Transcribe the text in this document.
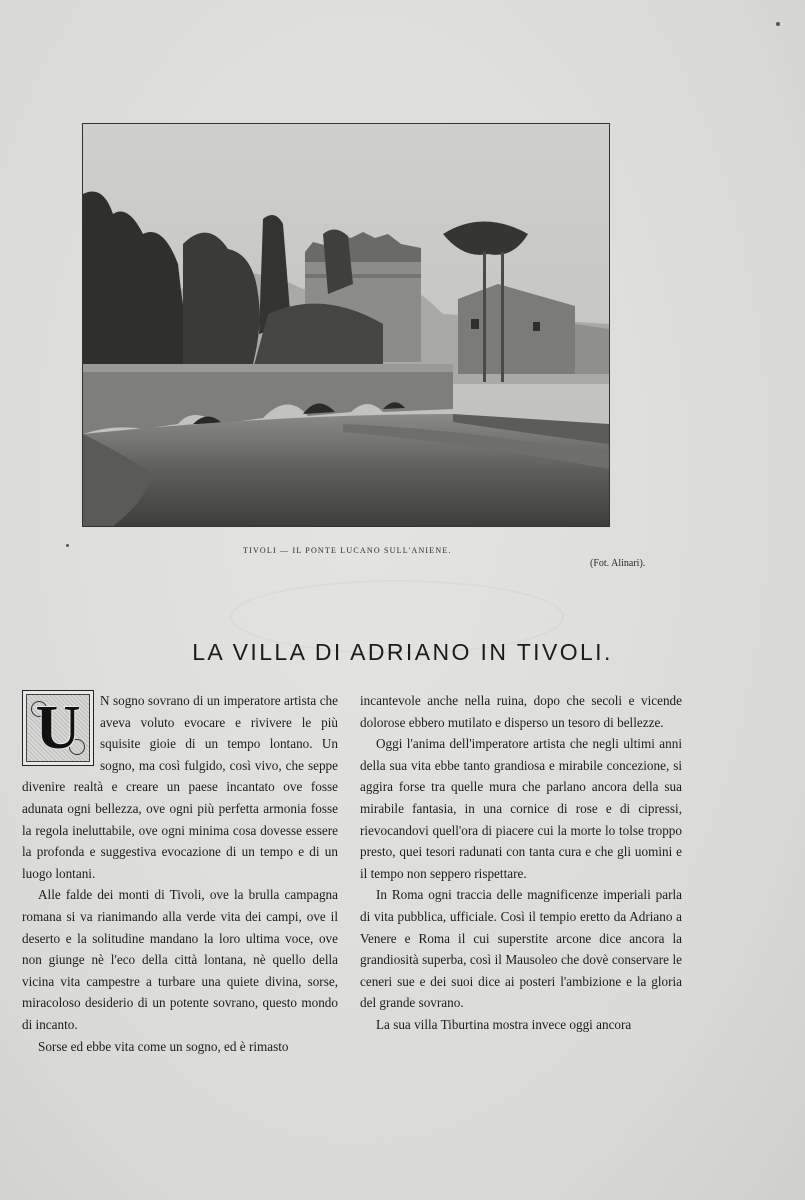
TIVOLI — IL PONTE LUCANO SULL'ANIENE.
(Fot. Alinari).
LA VILLA DI ADRIANO IN TIVOLI.
U	N sogno sovrano di un imperatore artista che aveva voluto evocare e rivivere le più squisite gioie di un tempo lontano. Un sogno, ma così fulgido, così vivo, che seppe divenire realtà e creare un paese incantato ove fosse adunata ogni bellezza, ove ogni più perfetta armonia fosse la regola ineluttabile, ove ogni minima cosa dovesse essere la profonda e suggestiva evocazione di un tempo e di un luogo lontani.

Alle falde dei monti di Tivoli, ove la brulla campagna romana si va rianimando alla verde vita dei campi, ove il deserto e la solitudine mandano la loro ultima voce, ove non giunge nè l'eco della città lontana, nè quello della vicina vita campestre a turbare una quiete divina, sorse, miracoloso desiderio di un potente sovrano, questo mondo di incanto.

Sorse ed ebbe vita come un sogno, ed è rimasto

incantevole anche nella ruina, dopo che secoli e vicende dolorose ebbero mutilato e disperso un tesoro di bellezze.

Oggi l'anima dell'imperatore artista che negli ultimi anni della sua vita ebbe tanto grandiosa e mirabile concezione, si aggira forse tra quelle mura che parlano ancora della sua mirabile fantasia, in una cornice di rose e di cipressi, rievocandovi quell'ora di piacere cui la morte lo tolse troppo presto, quei tesori radunati con tanta cura e che gli uomini e il tempo non seppero rispettare.

In Roma ogni traccia delle magnificenze imperiali parla di vita pubblica, ufficiale. Così il tempio eretto da Adriano a Venere e Roma il cui superstite arcone dice ancora la grandiosità superba, così il Mausoleo che dovè conservare le ceneri sue e dei suoi dice ai posteri l'ambizione e la gloria del grande sovrano.

La sua villa Tiburtina mostra invece oggi ancora
